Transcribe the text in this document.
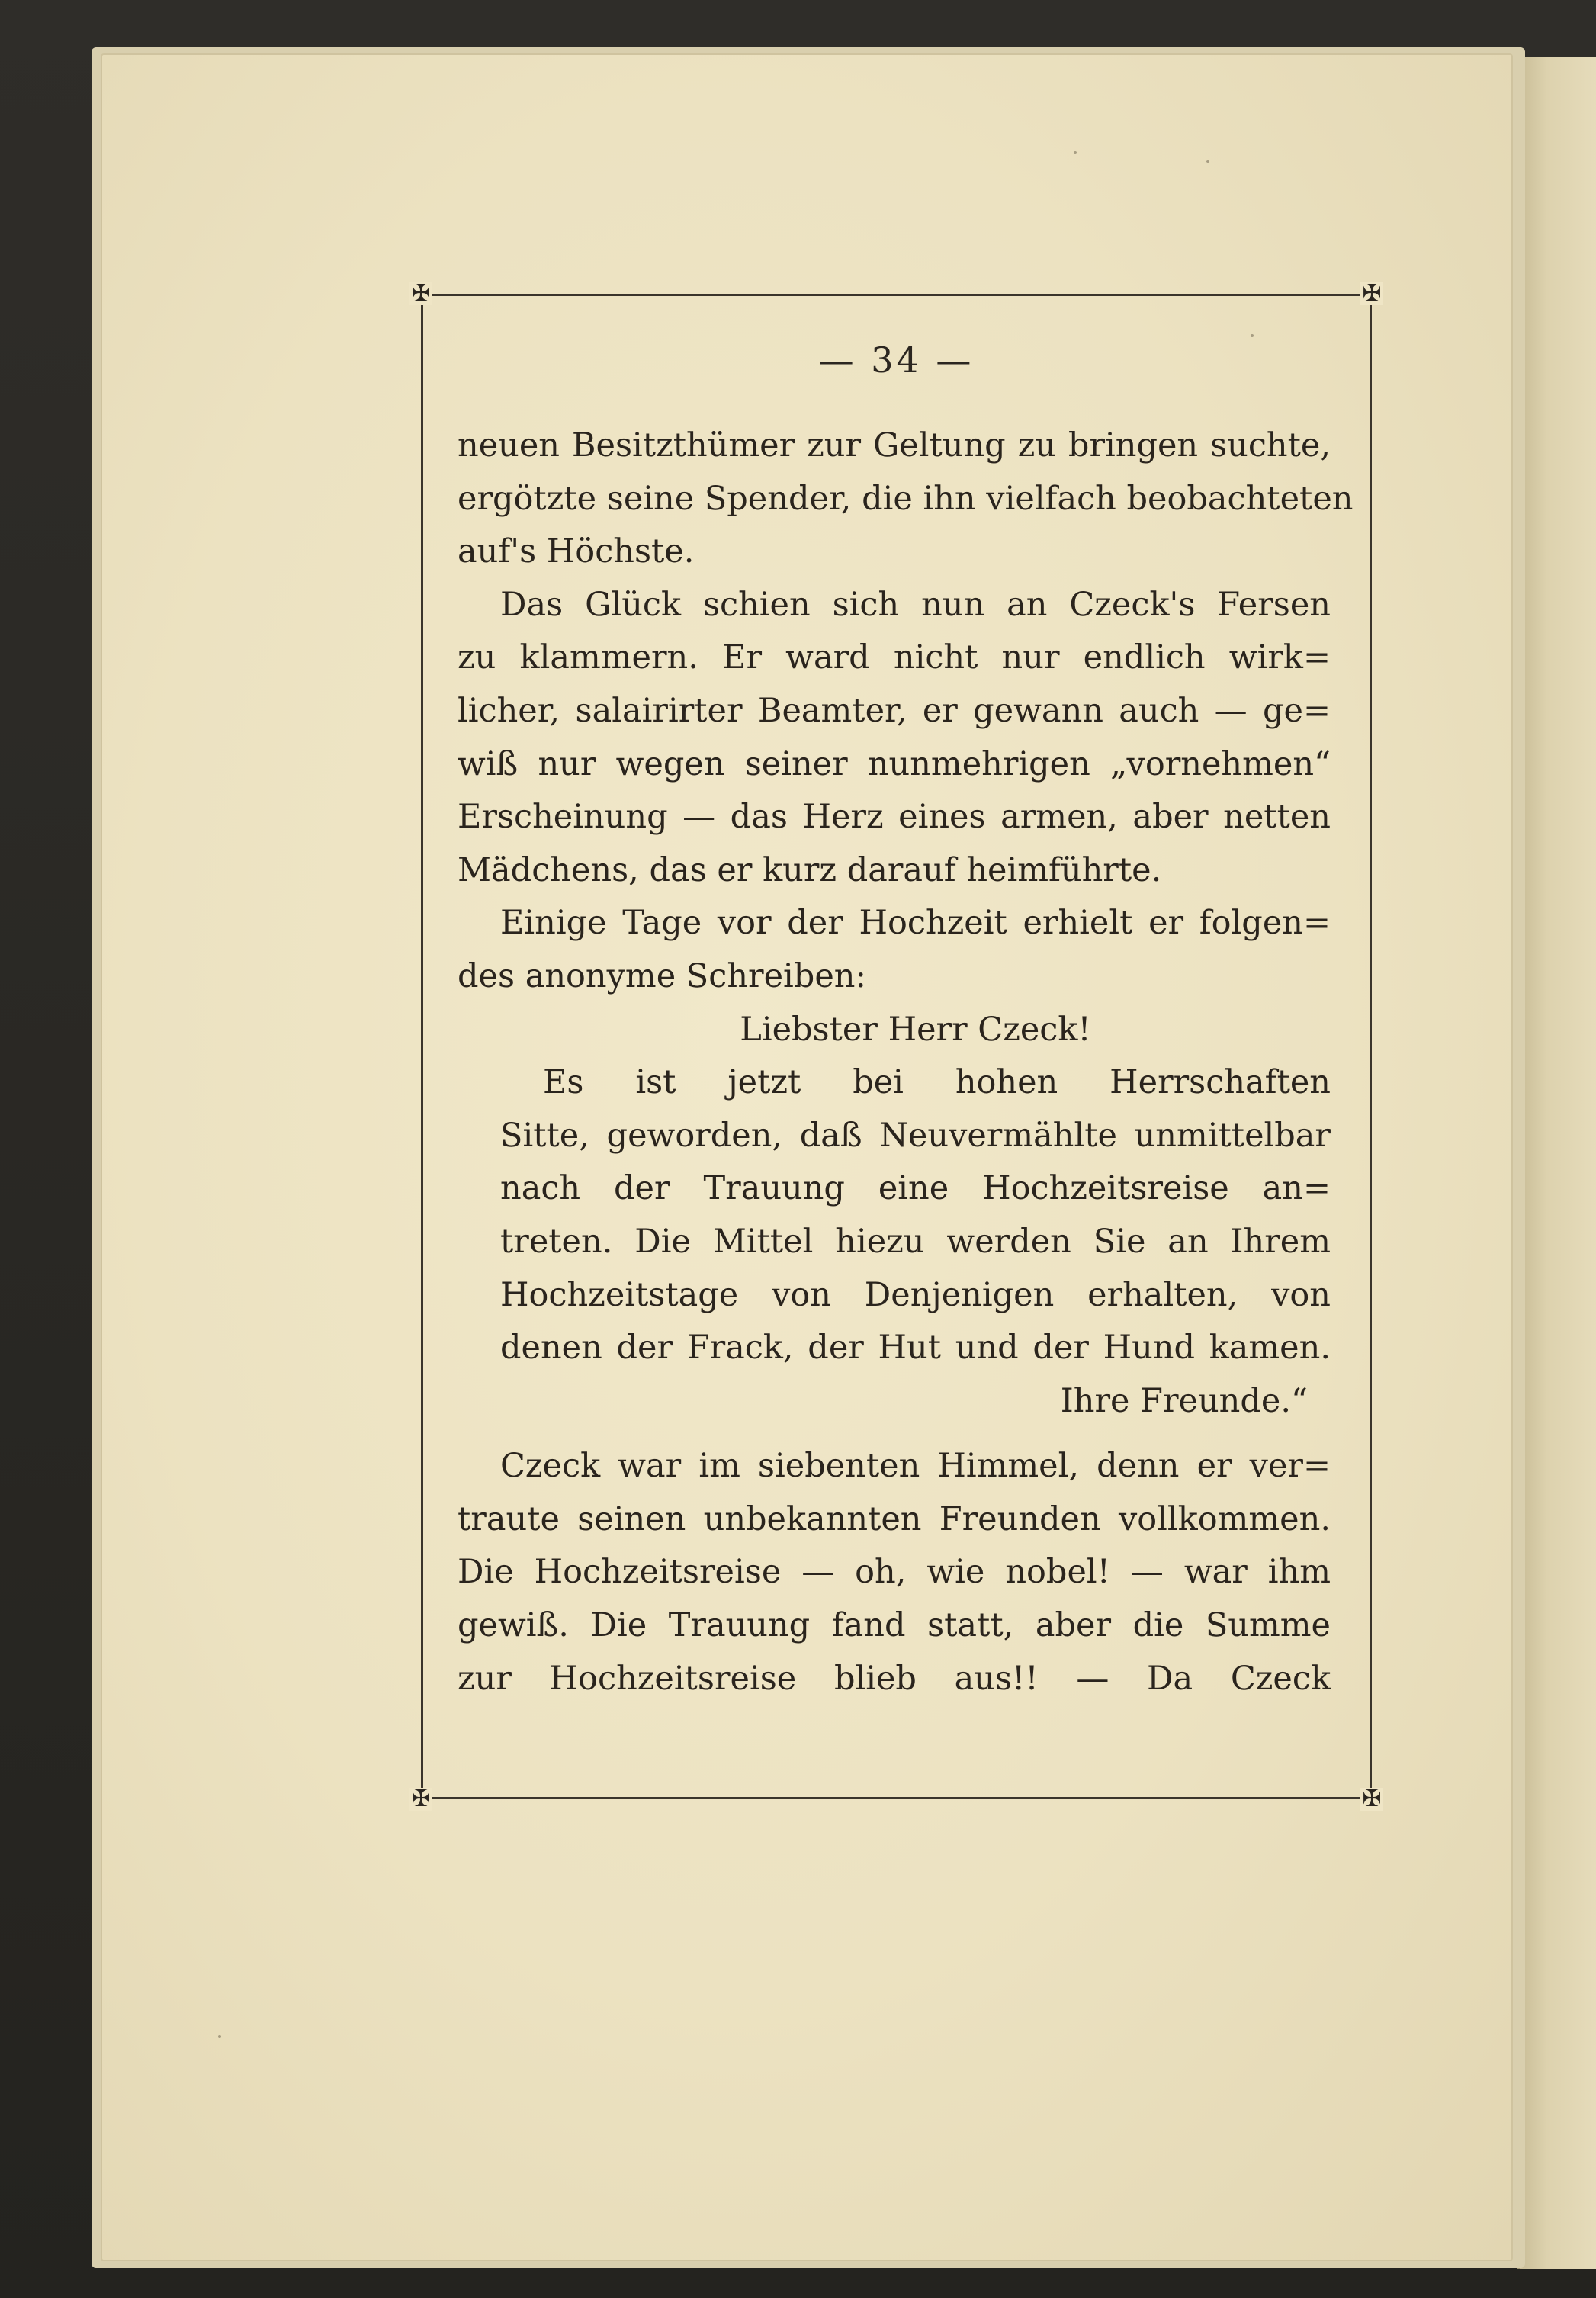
✠	✠
✠	✠
— 34 —
neuen Besitzthümer zur Geltung zu bringen suchte,
ergötzte seine Spender, die ihn vielfach beobachteten
auf's Höchste.
Das Glück schien sich nun an Czeck's Fersen
zu klammern. Er ward nicht nur endlich wirk=
licher, salairirter Beamter, er gewann auch — ge=
wiß nur wegen seiner nunmehrigen „vornehmen“
Erscheinung — das Herz eines armen, aber netten
Mädchens, das er kurz darauf heimführte.
Einige Tage vor der Hochzeit erhielt er folgen=
des anonyme Schreiben:
Liebster Herr Czeck!
Es ist jetzt bei hohen Herrschaften
Sitte, geworden, daß Neuvermählte unmittelbar
nach der Trauung eine Hochzeitsreise an=
treten. Die Mittel hiezu werden Sie an Ihrem
Hochzeitstage von Denjenigen erhalten, von
denen der Frack, der Hut und der Hund kamen.
Ihre Freunde.“
Czeck war im siebenten Himmel, denn er ver=
traute seinen unbekannten Freunden vollkommen.
Die Hochzeitsreise — oh, wie nobel! — war ihm
gewiß. Die Trauung fand statt, aber die Summe
zur Hochzeitsreise blieb aus!! — Da Czeck
